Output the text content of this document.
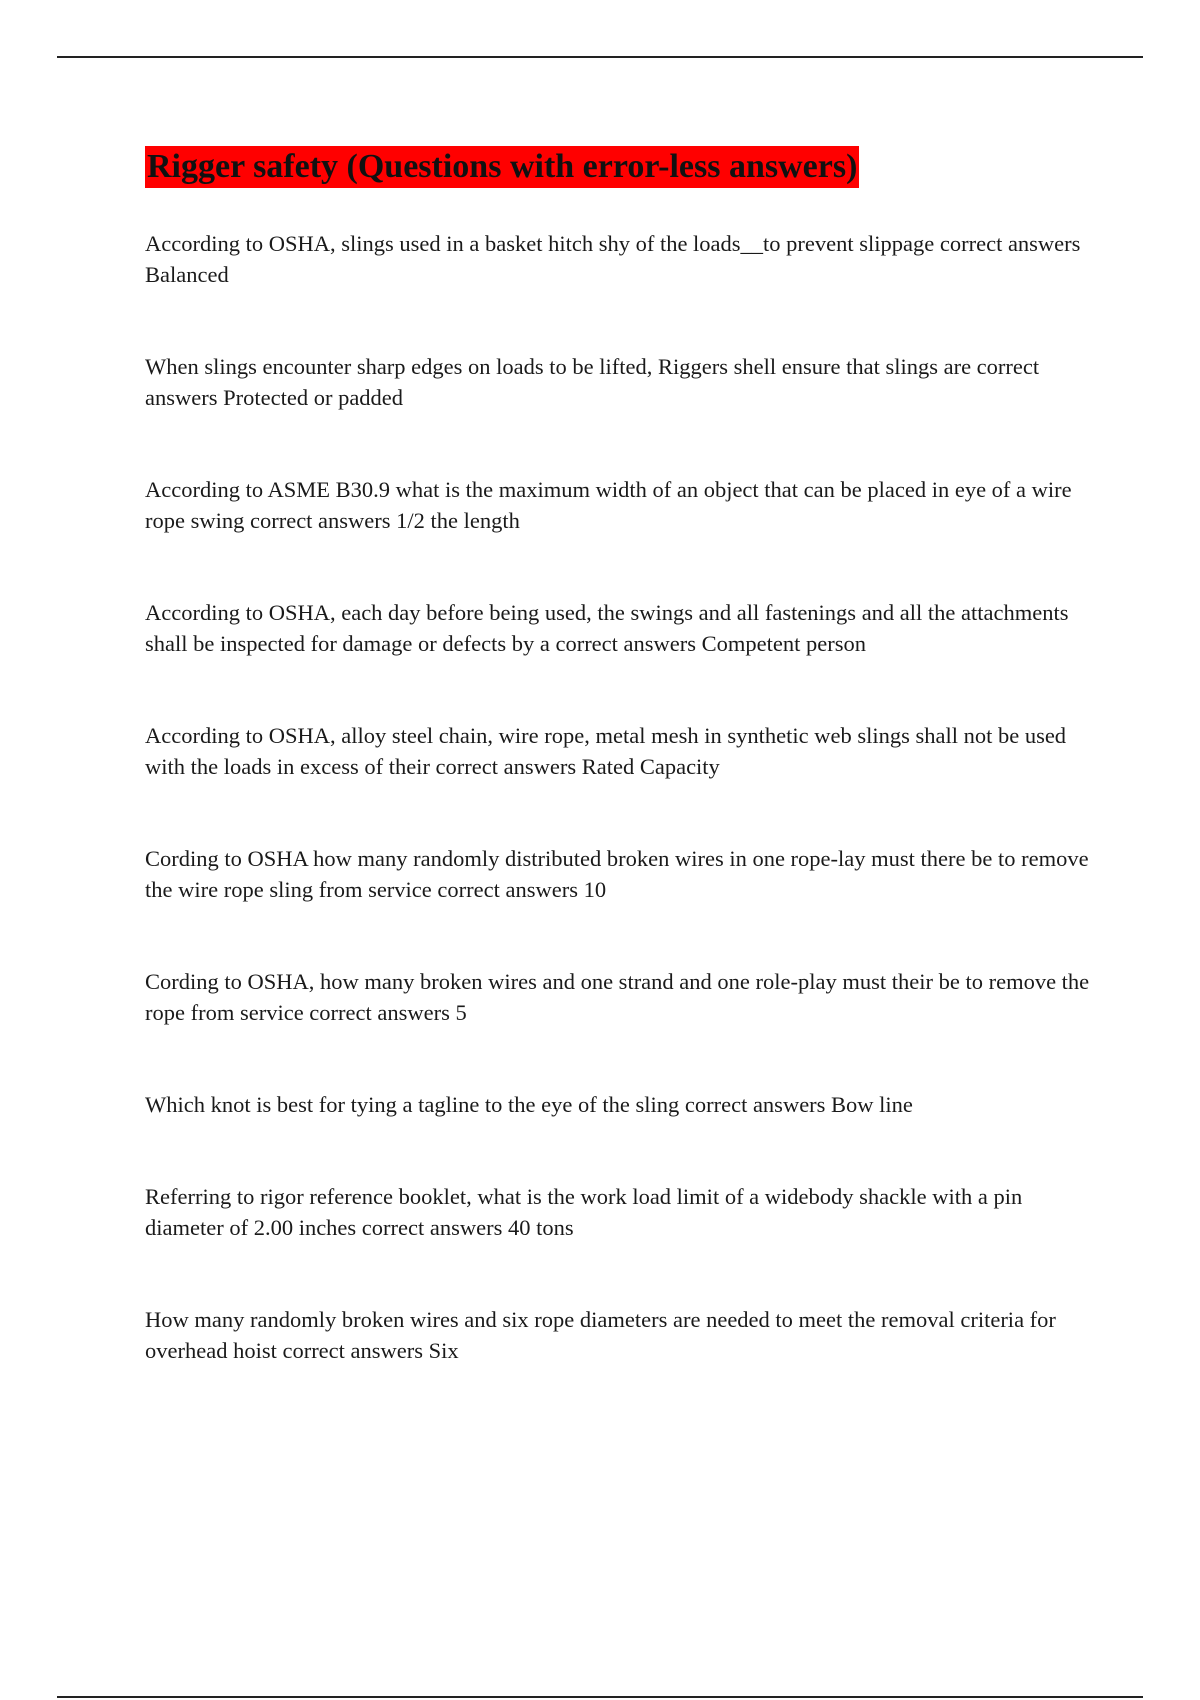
Rigger safety (Questions with error-less answers)

According to OSHA, slings used in a basket hitch shy of the loads__to prevent slippage correct answers Balanced

When slings encounter sharp edges on loads to be lifted, Riggers shell ensure that slings are correct answers Protected or padded

According to ASME B30.9 what is the maximum width of an object that can be placed in eye of a wire rope swing correct answers 1/2 the length

According to OSHA, each day before being used, the swings and all fastenings and all the attachments shall be inspected for damage or defects by a correct answers Competent person

According to OSHA, alloy steel chain, wire rope, metal mesh in synthetic web slings shall not be used with the loads in excess of their correct answers Rated Capacity

Cording to OSHA how many randomly distributed broken wires in one rope-lay must there be to remove the wire rope sling from service correct answers 10

Cording to OSHA, how many broken wires and one strand and one role-play must their be to remove the rope from service correct answers 5

Which knot is best for tying a tagline to the eye of the sling correct answers Bow line

Referring to rigor reference booklet, what is the work load limit of a widebody shackle with a pin diameter of 2.00 inches correct answers 40 tons

How many randomly broken wires and six rope diameters are needed to meet the removal criteria for overhead hoist correct answers Six
